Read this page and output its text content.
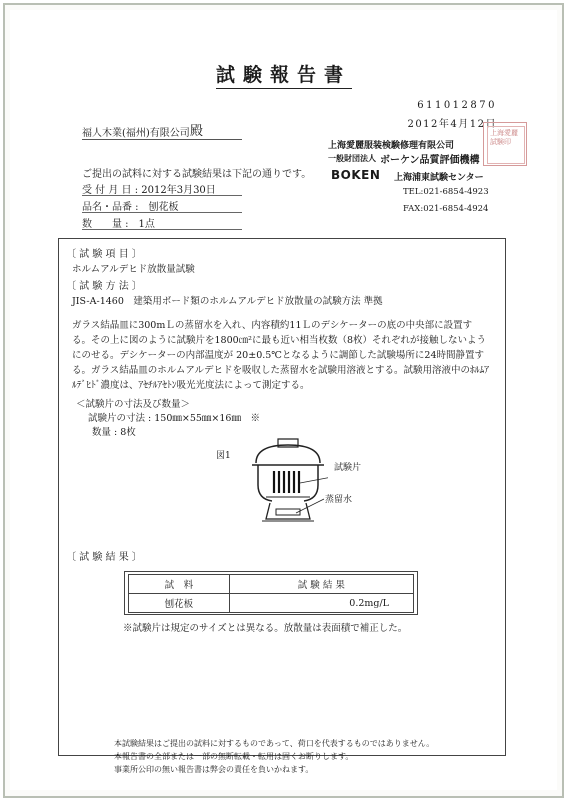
試験報告書
611012870
2012年4月12日
福人木業(福州)有限公司 殿	上海愛麗 試験印
上海愛麗服装検験修理有限公司
一般財団法人 ボーケン品質評価機構
BOKEN 上海浦東試験センター
TEL:021-6854-4923
FAX:021-6854-4924
ご提出の試料に対する試験結果は下記の通りです。
受 付 月 日 : 2012年3月30日
品名・品番 :　刨花板
数　　量 :　1点
〔 試 験 項 目 〕
ホルムアルデヒド放散量試験
〔 試 験 方 法 〕
JIS-A-1460　建築用ボード類のホルムアルデヒド放散量の試験方法 準拠
ガラス結晶皿に300mＬの蒸留水を入れ、内容積約11Ｌのデシケーターの底の中央部に設置する。その上に図のように試験片を1800㎝²に最も近い相当枚数（8枚）それぞれが接触しないようにのせる。デシケーターの内部温度が 20±0.5℃となるように調節した試験場所に24時間静置する。ガラス結晶皿のホルムアルデヒドを吸収した蒸留水を試験用溶液とする。試験用溶液中のﾎﾙﾑｱﾙﾃﾞﾋﾄﾞ濃度は、ｱｾﾁﾙｱｾﾄﾝ吸光光度法によって測定する。
＜試験片の寸法及び数量＞
試験片の寸法 : 150㎜×55㎜×16㎜　※
数量 : 8枚
図1
試験片
蒸留水
〔 試 験 結 果 〕
試　料	試 験 結 果
刨花板	0.2mg/L
※試験片は規定のサイズとは異なる。放散量は表面積で補正した。
本試験結果はご提出の試料に対するものであって、荷口を代表するものではありません。
本報告書の全部または一部の無断転載・転用は固くお断りします。
事業所公印の無い報告書は弊会の責任を負いかねます。
